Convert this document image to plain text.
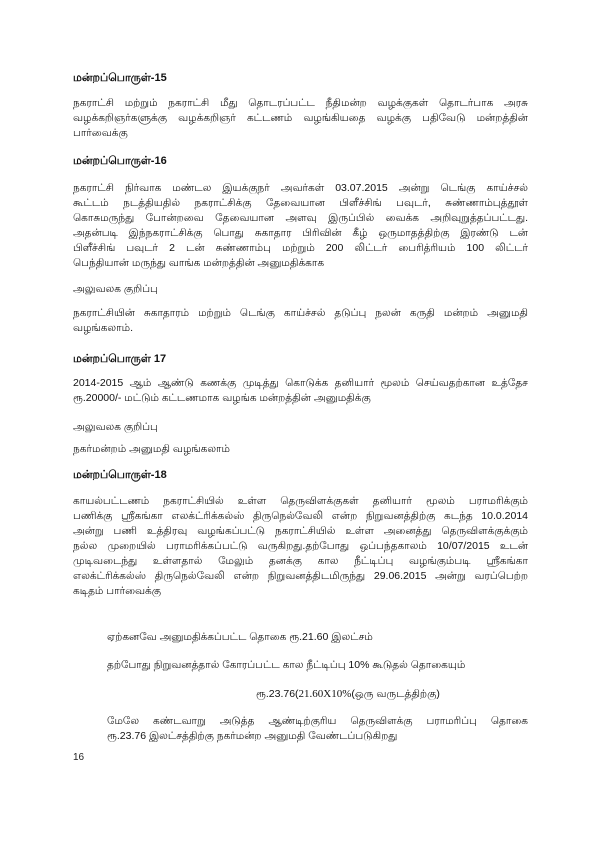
மன்றப்பொருள்-15
நகராட்சி மற்றும் நகராட்சி மீது தொடரப்பட்ட நீதிமன்ற வழக்குகள் தொடர்பாக அரசு வழக்கறிஞர்களுக்கு வழக்கறிஞர் கட்டணம் வழங்கியதை வழக்கு பதிவேடு மன்றத்தின் பார்வைக்கு
மன்றப்பொருள்-16
நகராட்சி நிர்வாக மண்டல இயக்குநர் அவர்கள் 03.07.2015 அன்று டெங்கு காய்ச்சல்
கூட்டம் நடத்தியதில் நகராட்சிக்கு தேவையான பிளீச்சிங் பவுடர், சுண்ணாம்புத்தூள்
கொசுமருந்து போன்றவை தேவையான அளவு இருப்பில் வைக்க அறிவுறுத்தப்பட்டது.
அதன்படி இந்நகராட்சிக்கு பொது சுகாதார பிரிவின் கீழ் ஒருமாதத்திற்கு இரண்டு டன்
பிளீச்சிங் பவுடர் 2 டன் சுண்ணாம்பு மற்றும் 200 லிட்டர் பைரித்ரியம் 100 லிட்டர்
பெந்தியான் மருந்து வாங்க மன்றத்தின் அனுமதிக்காக
அலுவலக குறிப்பு
நகராட்சியின் சுகாதாரம் மற்றும் டெங்கு காய்ச்சல் தடுப்பு நலன் கருதி மன்றம் அனுமதி வழங்கலாம்.
மன்றப்பொருள் 17
2014-2015 ஆம் ஆண்டு கணக்கு முடித்து கொடுக்க தனியார் மூலம் செய்வதற்கான உத்தேச ரூ.20000/- மட்டும் கட்டணமாக வழங்க மன்றத்தின் அனுமதிக்கு
அலுவலக குறிப்பு
நகர்மன்றம் அனுமதி வழங்கலாம்
மன்றப்பொருள்-18
காயல்பட்டணம் நகராட்சியில் உள்ள தெருவிளக்குகள் தனியார் மூலம் பராமரிக்கும்
பணிக்கு ஸ்ரீகங்கா எலக்ட்ரிக்கல்ஸ் திருநெல்வேலி என்ற நிறுவனத்திற்கு கடந்த 10.0.2014
அன்று பணி உத்திரவு வழங்கப்பட்டு நகராட்சியில் உள்ள அனைத்து தெருவிளக்குக்கும்
நல்ல முறையில் பராமரிக்கப்பட்டு வருகிறது.தற்போது ஒப்பந்தகாலம் 10/07/2015 உடன்
முடிவடைந்து உள்ளதால் மேலும் தனக்கு கால நீட்டிப்பு வழங்கும்படி ஸ்ரீகங்கா
எலக்ட்ரிக்கல்ஸ் திருநெல்வேலி என்ற நிறுவனத்திடமிருந்து 29.06.2015 அன்று வரப்பெற்ற
கடிதம் பார்வைக்கு
ஏற்கனவே அனுமதிக்கப்பட்ட தொகை ரூ.21.60 இலட்சம்
தற்போது நிறுவனத்தால் கோரப்பட்ட கால நீட்டிப்பு 10% கூடுதல் தொகையும்
ரூ.23.76(21.60X10%(ஒரு வருடத்திற்கு)
மேலே கண்டவாறு அடுத்த ஆண்டிற்குரிய தெருவிளக்கு பராமரிப்பு தொகை
ரூ.23.76 இலட்சத்திற்கு நகர்மன்ற அனுமதி வேண்டப்படுகிறது
16
